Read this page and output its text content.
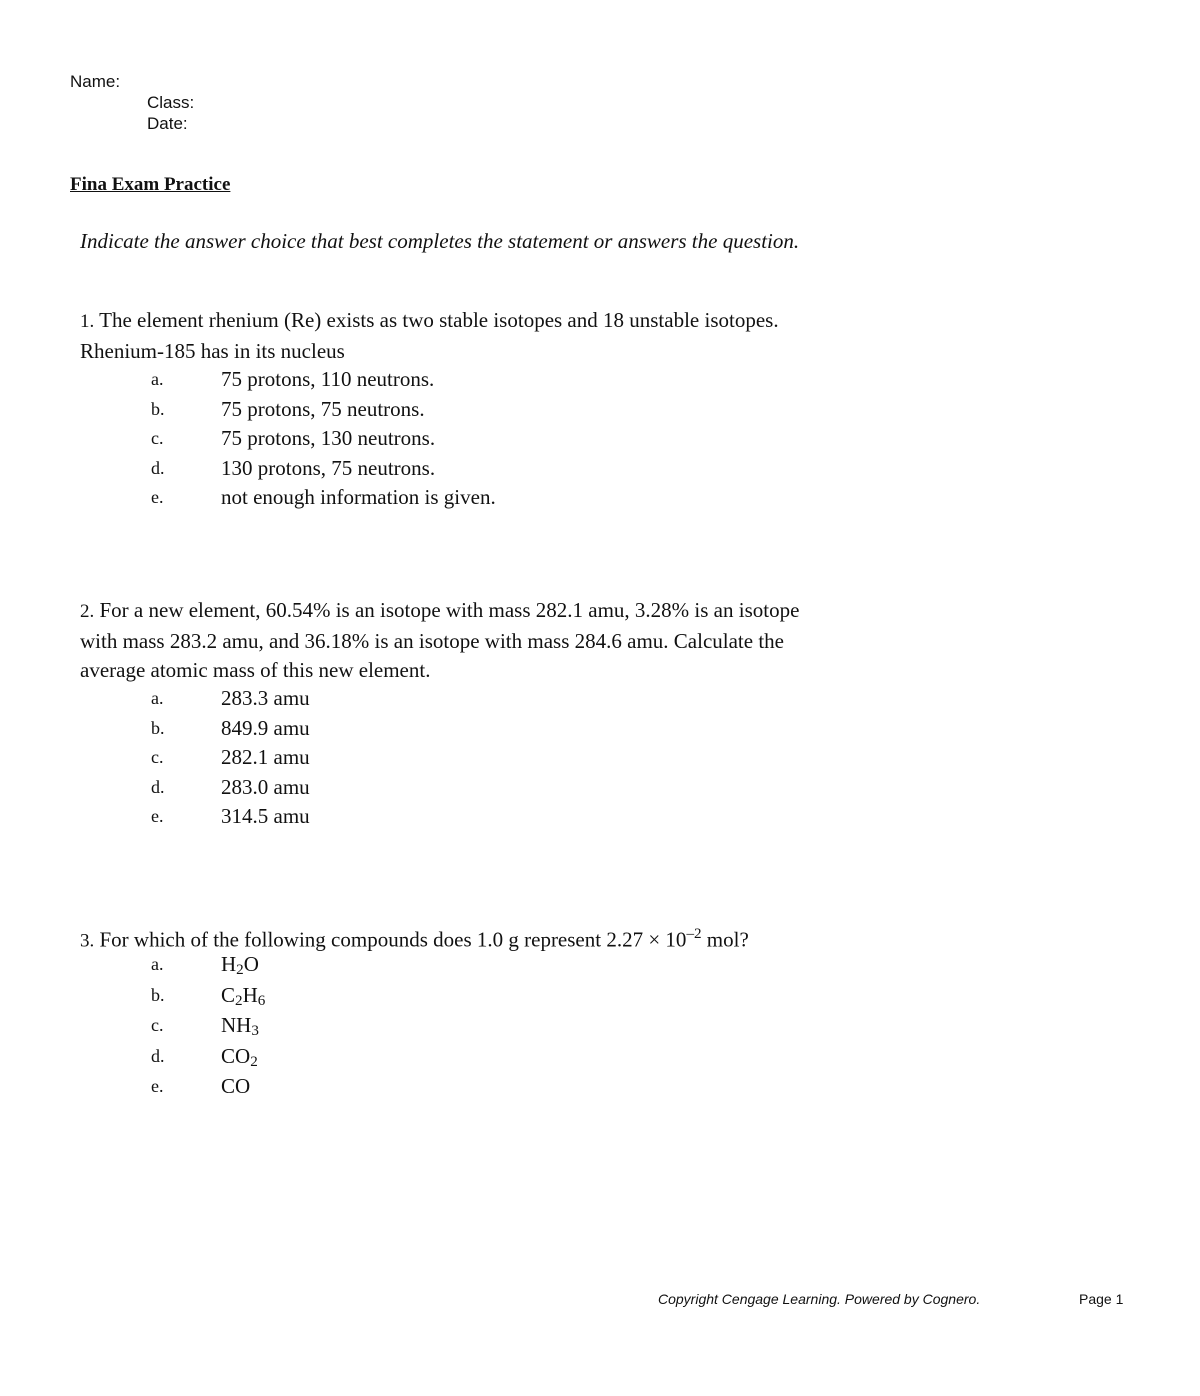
Name:
Class:
Date:
Fina Exam Practice
Indicate the answer choice that best completes the statement or answers the question.
1. The element rhenium (Re) exists as two stable isotopes and 18 unstable isotopes.
Rhenium-185 has in its nucleus
a.	75 protons, 110 neutrons.
b.	75 protons, 75 neutrons.
c.	75 protons, 130 neutrons.
d.	130 protons, 75 neutrons.
e.	not enough information is given.
2. For a new element, 60.54% is an isotope with mass 282.1 amu, 3.28% is an isotope
with mass 283.2 amu, and 36.18% is an isotope with mass 284.6 amu. Calculate the
average atomic mass of this new element.
a.	283.3 amu
b.	849.9 amu
c.	282.1 amu
d.	283.0 amu
e.	314.5 amu
3. For which of the following compounds does 1.0 g represent $2.27 \times 10^{-2}$ mol?
a.	$H_2O$
b.	$C_2H_6$
c.	$NH_3$
d.	$CO_2$
e.	CO
Copyright Cengage Learning. Powered by Cognero.	Page 1
